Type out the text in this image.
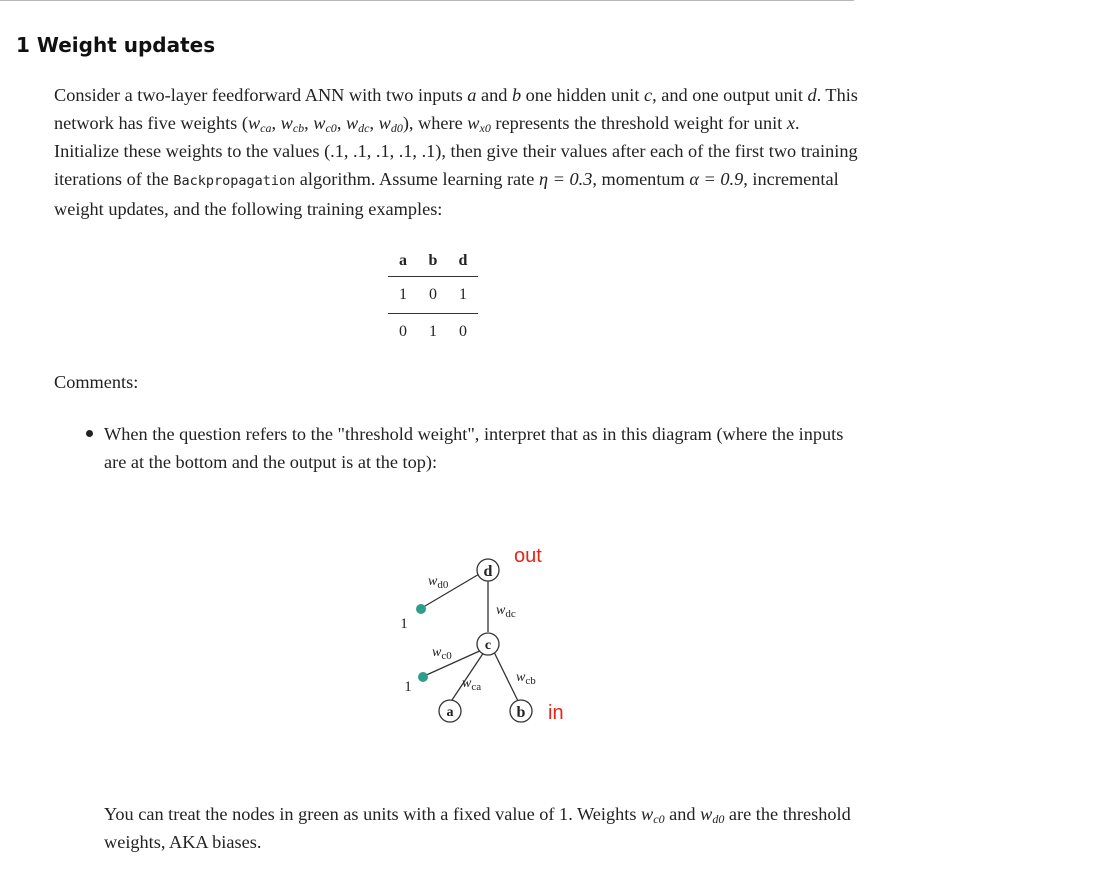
1 Weight updates

Consider a two-layer feedforward ANN with two inputs a and b one hidden unit c, and one output unit d. This network has five weights ($w_{ca}$, $w_{cb}$, $w_{c0}$, $w_{dc}$, $w_{d0}$), where $w_{x0}$ represents the threshold weight for unit x. Initialize these weights to the values (.1, .1, .1, .1, .1), then give their values after each of the first two training iterations of the Backpropagation algorithm. Assume learning rate η = 0.3, momentum α = 0.9, incremental weight updates, and the following training examples:

a	b	d
1	0	1
0	1	0

Comments:

When the question refers to the "threshold weight", interpret that as in this diagram (where the inputs are at the bottom and the output is at the top):
d
c
a	b
1
1
$w_{d0}$
$w_{dc}$
$w_{c0}$
$w_{ca}$
$w_{cb}$
out
in

You can treat the nodes in green as units with a fixed value of 1. Weights $w_{c0}$ and $w_{d0}$ are the threshold weights, AKA biases.
